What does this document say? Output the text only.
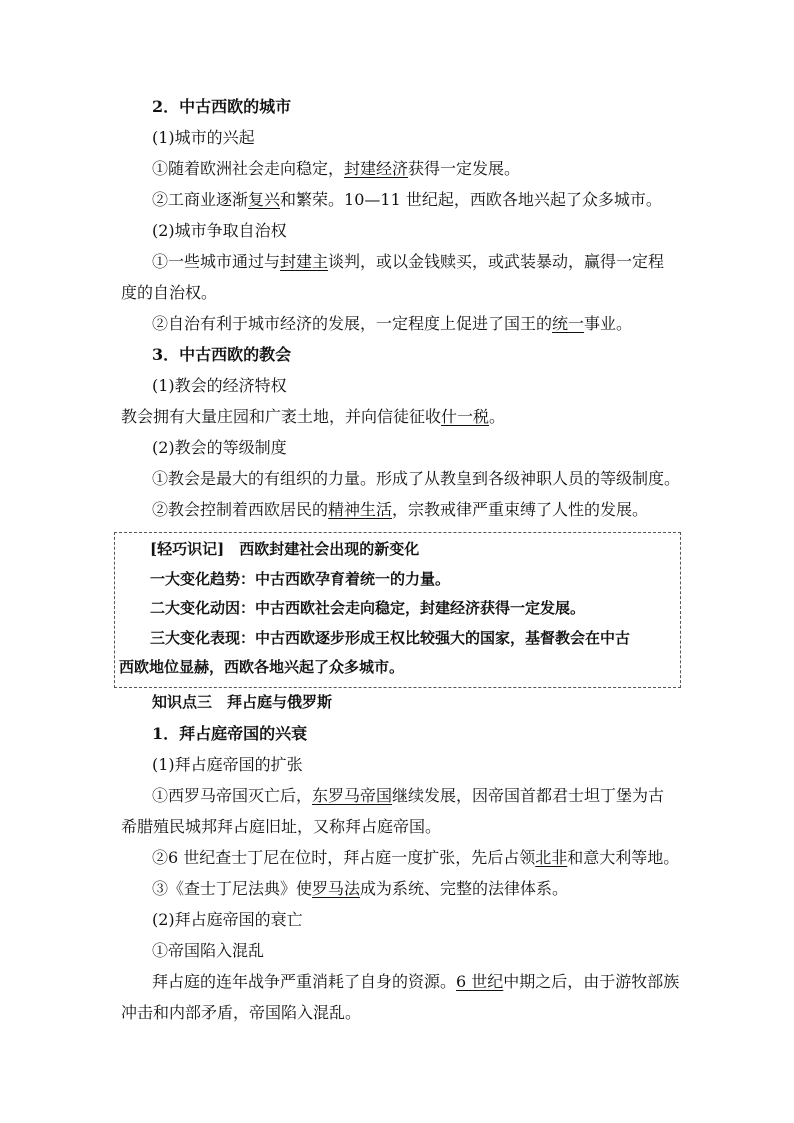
2．中古西欧的城市
(1)城市的兴起
①随着欧洲社会走向稳定，封建经济获得一定发展。
②工商业逐渐复兴和繁荣。10—11 世纪起，西欧各地兴起了众多城市。
(2)城市争取自治权
①一些城市通过与封建主谈判，或以金钱赎买，或武装暴动，赢得一定程
度的自治权。
②自治有利于城市经济的发展，一定程度上促进了国王的统一事业。
3．中古西欧的教会
(1)教会的经济特权
教会拥有大量庄园和广袤土地，并向信徒征收什一税。
(2)教会的等级制度
①教会是最大的有组织的力量。形成了从教皇到各级神职人员的等级制度。
②教会控制着西欧居民的精神生活，宗教戒律严重束缚了人性的发展。
[轻巧识记]　西欧封建社会出现的新变化
一大变化趋势：中古西欧孕育着统一的力量。
二大变化动因：中古西欧社会走向稳定，封建经济获得一定发展。
三大变化表现：中古西欧逐步形成王权比较强大的国家，基督教会在中古
西欧地位显赫，西欧各地兴起了众多城市。
知识点三　拜占庭与俄罗斯
1．拜占庭帝国的兴衰
(1)拜占庭帝国的扩张
①西罗马帝国灭亡后，东罗马帝国继续发展，因帝国首都君士坦丁堡为古
希腊殖民城邦拜占庭旧址，又称拜占庭帝国。
②6 世纪查士丁尼在位时，拜占庭一度扩张，先后占领北非和意大利等地。
③《查士丁尼法典》使罗马法成为系统、完整的法律体系。
(2)拜占庭帝国的衰亡
①帝国陷入混乱
拜占庭的连年战争严重消耗了自身的资源。6 世纪中期之后，由于游牧部族
冲击和内部矛盾，帝国陷入混乱。
